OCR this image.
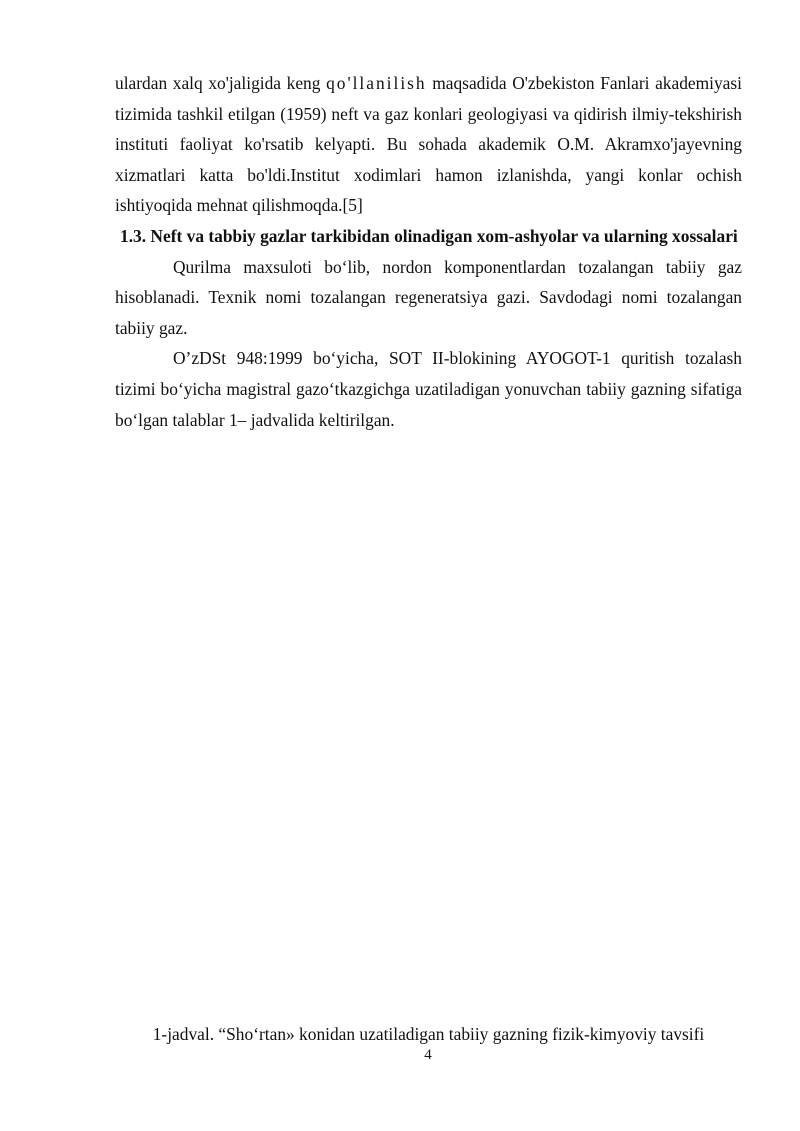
ulardan xalq xo'jaligida keng qo'llanilish maqsadida O'zbekiston Fanlari akademiyasi tizimida tashkil etilgan (1959) neft va gaz konlari geologiyasi va qidirish ilmiy-tekshirish instituti faoliyat ko'rsatib kelyapti. Bu sohada akademik O.M. Akramxo'jayevning xizmatlari katta bo'ldi.Institut xodimlari hamon izlanishda, yangi konlar ochish ishtiyoqida mehnat qilishmoqda.[5]

1.3. Neft va tabbiy gazlar tarkibidan olinadigan xom-ashyolar va ularning xossalari

Qurilma maxsuloti bo‘lib, nordon komponentlardan tozalangan tabiiy gaz hisoblanadi. Texnik nomi tozalangan regeneratsiya gazi. Savdodagi nomi tozalangan tabiiy gaz.

O’zDSt 948:1999 bo‘yicha, SOT II-blokining AYOGOT-1 quritish tozalash tizimi bo‘yicha magistral gazo‘tkazgichga uzatiladigan yonuvchan tabiiy gazning sifatiga bo‘lgan talablar 1– jadvalida keltirilgan.

1-jadval. “Sho‘rtan» konidan uzatiladigan tabiiy gazning fizik-kimyoviy tavsifi
4
